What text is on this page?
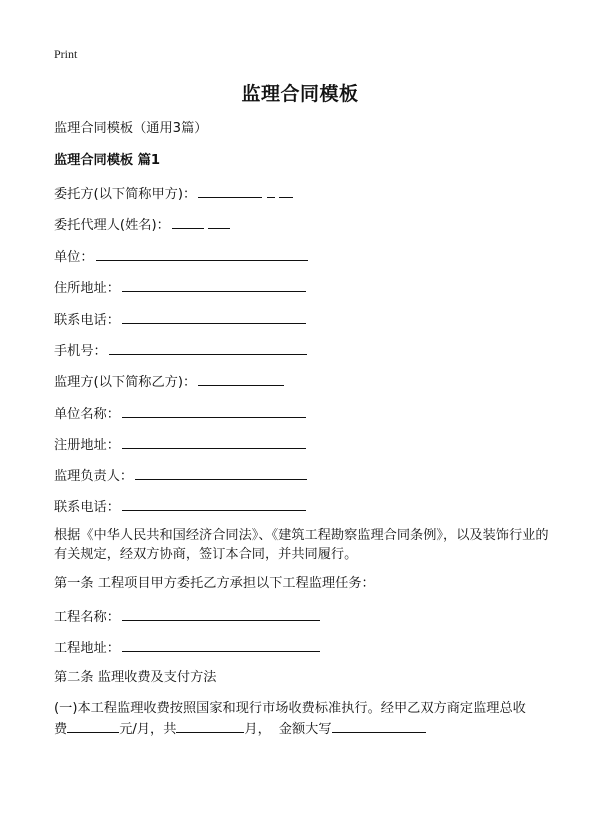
Print
监理合同模板
监理合同模板（通用3篇）
监理合同模板 篇1
委托方(以下简称甲方)：
委托代理人(姓名)：
单位：
住所地址：
联系电话：
手机号：
监理方(以下简称乙方)：
单位名称：
注册地址：
监理负责人：
联系电话：
根据《中华人民共和国经济合同法》、《建筑工程勘察监理合同条例》，以及装饰行业的有关规定，经双方协商，签订本合同，并共同履行。
第一条 工程项目甲方委托乙方承担以下工程监理任务：
工程名称：
工程地址：
第二条 监理收费及支付方法
(一)本工程监理收费按照国家和现行市场收费标准执行。经甲乙双方商定监理总收
费	元/月，共	月， 金额大写
